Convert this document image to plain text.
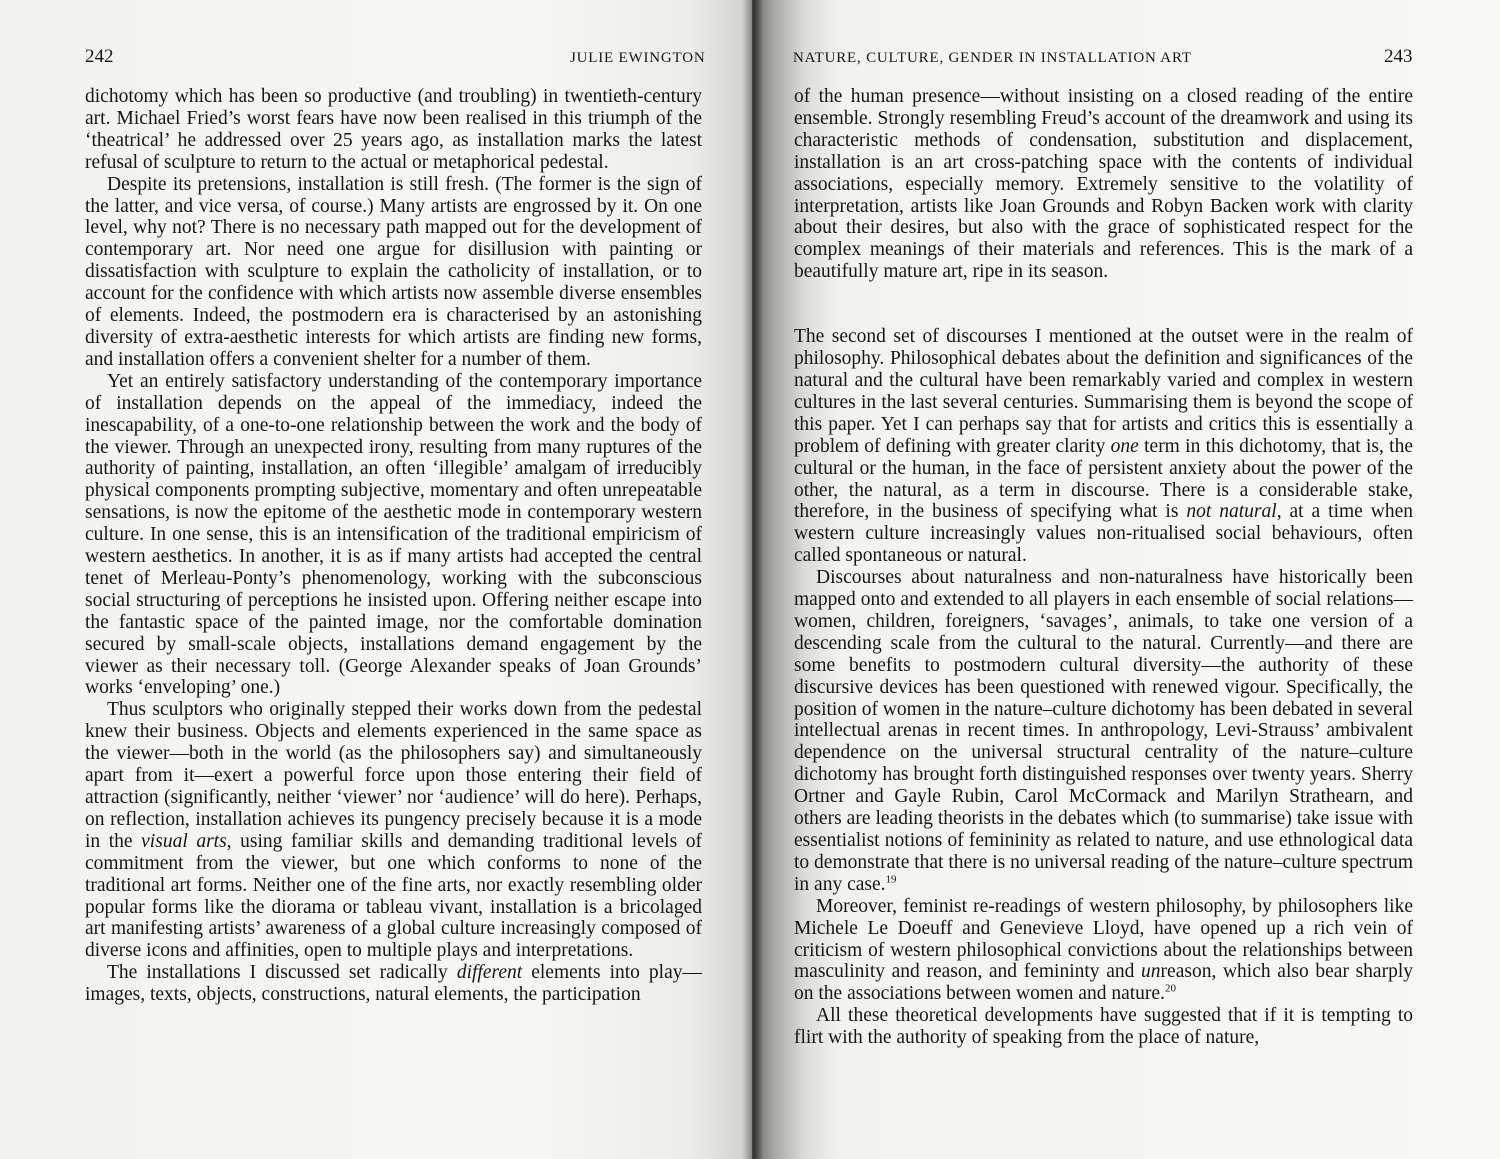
242	JULIE EWINGTON

dichotomy which has been so productive (and troubling) in twentieth-century art. Michael Fried’s worst fears have now been realised in this triumph of the ‘theatrical’ he addressed over 25 years ago, as installation marks the latest refusal of sculpture to return to the actual or metaphorical pedestal.

Despite its pretensions, installation is still fresh. (The former is the sign of the latter, and vice versa, of course.) Many artists are engrossed by it. On one level, why not? There is no necessary path mapped out for the development of contemporary art. Nor need one argue for disillusion with painting or dissatisfaction with sculpture to explain the catholicity of installation, or to account for the confidence with which artists now assemble diverse ensembles of elements. Indeed, the postmodern era is characterised by an astonishing diversity of extra-aesthetic interests for which artists are finding new forms, and installation offers a convenient shelter for a number of them.

Yet an entirely satisfactory understanding of the contemporary importance of installation depends on the appeal of the immediacy, indeed the inescapability, of a one-to-one relationship between the work and the body of the viewer. Through an unexpected irony, resulting from many ruptures of the authority of painting, installation, an often ‘illegible’ amalgam of irreducibly physical components prompting subjective, momentary and often unrepeatable sensations, is now the epitome of the aesthetic mode in contemporary western culture. In one sense, this is an intensification of the traditional empiricism of western aesthetics. In another, it is as if many artists had accepted the central tenet of Merleau-Ponty’s phenomenology, working with the subconscious social structuring of perceptions he insisted upon. Offering neither escape into the fantastic space of the painted image, nor the comfortable domination secured by small-scale objects, installations demand engagement by the viewer as their necessary toll. (George Alexander speaks of Joan Grounds’ works ‘enveloping’ one.)

Thus sculptors who originally stepped their works down from the pedestal knew their business. Objects and elements experienced in the same space as the viewer—both in the world (as the philosophers say) and simultaneously apart from it—exert a powerful force upon those entering their field of attraction (significantly, neither ‘viewer’ nor ‘audience’ will do here). Perhaps, on reflection, installation achieves its pungency precisely because it is a mode in the visual arts, using familiar skills and demanding traditional levels of commitment from the viewer, but one which conforms to none of the traditional art forms. Neither one of the fine arts, nor exactly resembling older popular forms like the diorama or tableau vivant, installation is a bricolaged art manifesting artists’ awareness of a global culture increasingly composed of diverse icons and affinities, open to multiple plays and interpretations.

The installations I discussed set radically different elements into play—images, texts, objects, constructions, natural elements, the participation

NATURE, CULTURE, GENDER IN INSTALLATION ART	243

of the human presence—without insisting on a closed reading of the entire ensemble. Strongly resembling Freud’s account of the dreamwork and using its characteristic methods of condensation, substitution and displacement, installation is an art cross-patching space with the contents of individual associations, especially memory. Extremely sensitive to the volatility of interpretation, artists like Joan Grounds and Robyn Backen work with clarity about their desires, but also with the grace of sophisticated respect for the complex meanings of their materials and references. This is the mark of a beautifully mature art, ripe in its season.

The second set of discourses I mentioned at the outset were in the realm of philosophy. Philosophical debates about the definition and significances of the natural and the cultural have been remarkably varied and complex in western cultures in the last several centuries. Summarising them is beyond the scope of this paper. Yet I can perhaps say that for artists and critics this is essentially a problem of defining with greater clarity one term in this dichotomy, that is, the cultural or the human, in the face of persistent anxiety about the power of the other, the natural, as a term in discourse. There is a considerable stake, therefore, in the business of specifying what is not natural, at a time when western culture increasingly values non-ritualised social behaviours, often called spontaneous or natural.

Discourses about naturalness and non-naturalness have historically been mapped onto and extended to all players in each ensemble of social relations—women, children, foreigners, ‘savages’, animals, to take one version of a descending scale from the cultural to the natural. Currently—and there are some benefits to postmodern cultural diversity—the authority of these discursive devices has been questioned with renewed vigour. Specifically, the position of women in the nature–culture dichotomy has been debated in several intellectual arenas in recent times. In anthropology, Levi-Strauss’ ambivalent dependence on the universal structural centrality of the nature–culture dichotomy has brought forth distinguished responses over twenty years. Sherry Ortner and Gayle Rubin, Carol McCormack and Marilyn Strathearn, and others are leading theorists in the debates which (to summarise) take issue with essentialist notions of femininity as related to nature, and use ethnological data to demonstrate that there is no universal reading of the nature–culture spectrum in any case.$^{19}$

Moreover, feminist re-readings of western philosophy, by philosophers like Michele Le Doeuff and Genevieve Lloyd, have opened up a rich vein of criticism of western philosophical convictions about the relationships between masculinity and reason, and femininty and unreason, which also bear sharply on the associations between women and nature.$^{20}$

All these theoretical developments have suggested that if it is tempting to flirt with the authority of speaking from the place of nature,
